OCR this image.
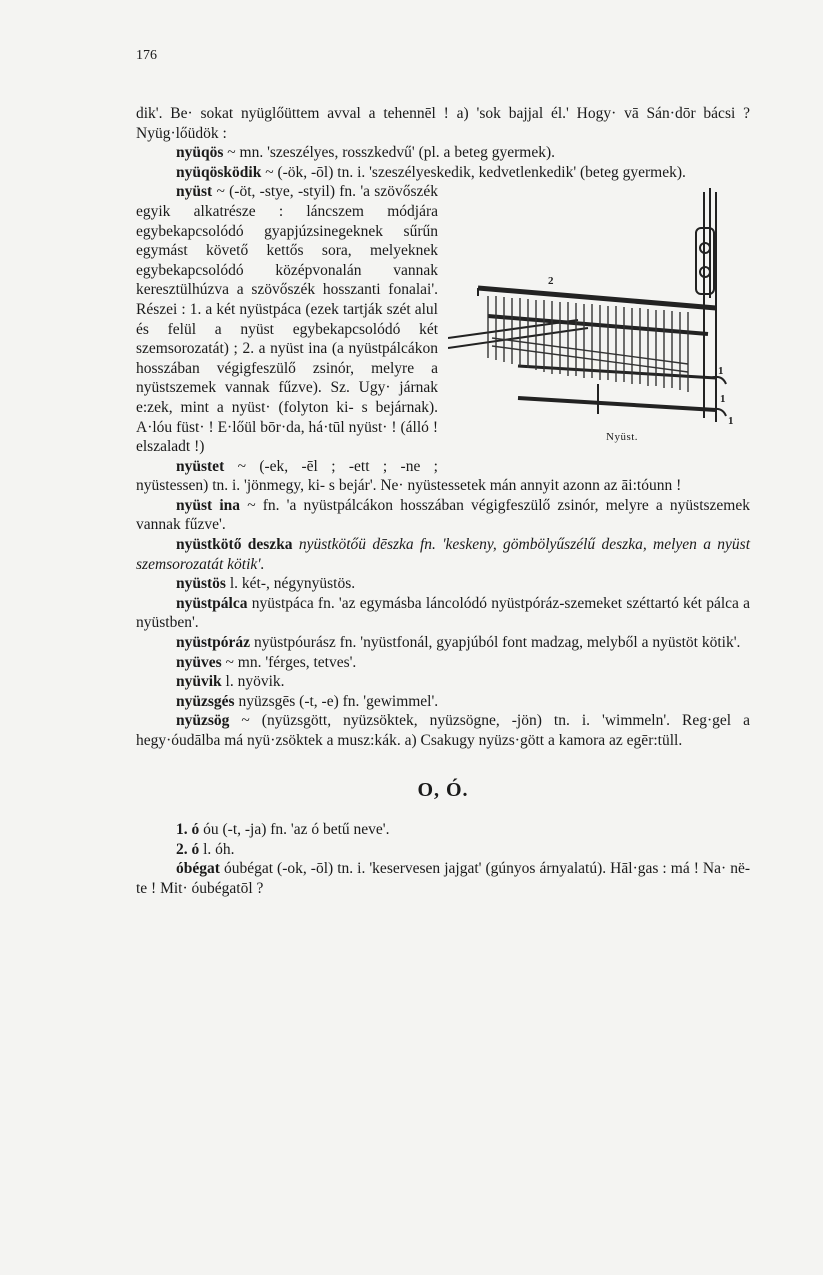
176

dik'. Be· sokat nyüglőüttem avval a tehennēl ! a) 'sok bajjal él.' Hogy· vā Sán·dōr bácsi ? Nyüg·lőüdök :

nyüqös ~ mn. 'szeszélyes, rosszkedvű' (pl. a beteg gyermek).

nyüqösködik ~ (-ök, -ōl) tn. i. 'szeszélyeskedik, kedvetlenkedik' (beteg gyermek).

2
1
1
1
Nyüst.
nyüst ~ (-öt, -stye, -styil) fn. 'a szövőszék egyik alkatrésze : láncszem módjára egybekapcsolódó gyapjúzsinegeknek sűrűn egymást követő kettős sora, melyeknek egybekapcsolódó középvonalán vannak keresztülhúzva a szövőszék hosszanti fonalai'. Részei : 1. a két nyüstpáca (ezek tartják szét alul és felül a nyüst egybekapcsolódó két szemsorozatát) ; 2. a nyüst ina (a nyüstpálcákon hosszában végigfeszülő zsinór, melyre a nyüstszemek vannak fűzve). Sz. Ugy· járnak e:zek, mint a nyüst· (folyton ki- s bejárnak). A·lóu füst· ! E·lőül bōr·da, há·tūl nyüst· ! (álló ! elszaladt !)

nyüstet ~ (-ek, -ēl ; -ett ; -ne ; nyüstessen) tn. i. 'jönmegy, ki- s bejár'. Ne· nyüstessetek mán annyit azonn az āi:tóunn !

nyüst ina ~ fn. 'a nyüstpálcákon hosszában végigfeszülő zsinór, melyre a nyüstszemek vannak fűzve'.

nyüstkötő deszka nyüstkötőü dēszka fn. 'keskeny, gömbölyűszélű deszka, melyen a nyüst szemsorozatát kötik'.

nyüstös l. két-, négynyüstös.

nyüstpálca nyüstpáca fn. 'az egymásba láncolódó nyüstpóráz-szemeket széttartó két pálca a nyüstben'.

nyüstpóráz nyüstpóurász fn. 'nyüstfonál, gyapjúból font madzag, melyből a nyüstöt kötik'.

nyüves ~ mn. 'férges, tetves'.

nyüvik l. nyövik.

nyüzsgés nyüzsgēs (-t, -e) fn. 'gewimmel'.

nyüzsög ~ (nyüzsgött, nyüzsöktek, nyüzsögne, -jön) tn. i. 'wimmeln'. Reg·gel a hegy·óudālba má nyü·zsöktek a musz:kák. a) Csakugy nyüzs·gött a kamora az egēr:tüll.

O, Ó.

1. ó óu (-t, -ja) fn. 'az ó betű neve'.

2. ó l. óh.

óbégat óubégat (-ok, -ōl) tn. i. 'keservesen jajgat' (gúnyos árnyalatú). Hāl·gas : má ! Na· në-te ! Mit· óubégatōl ?
